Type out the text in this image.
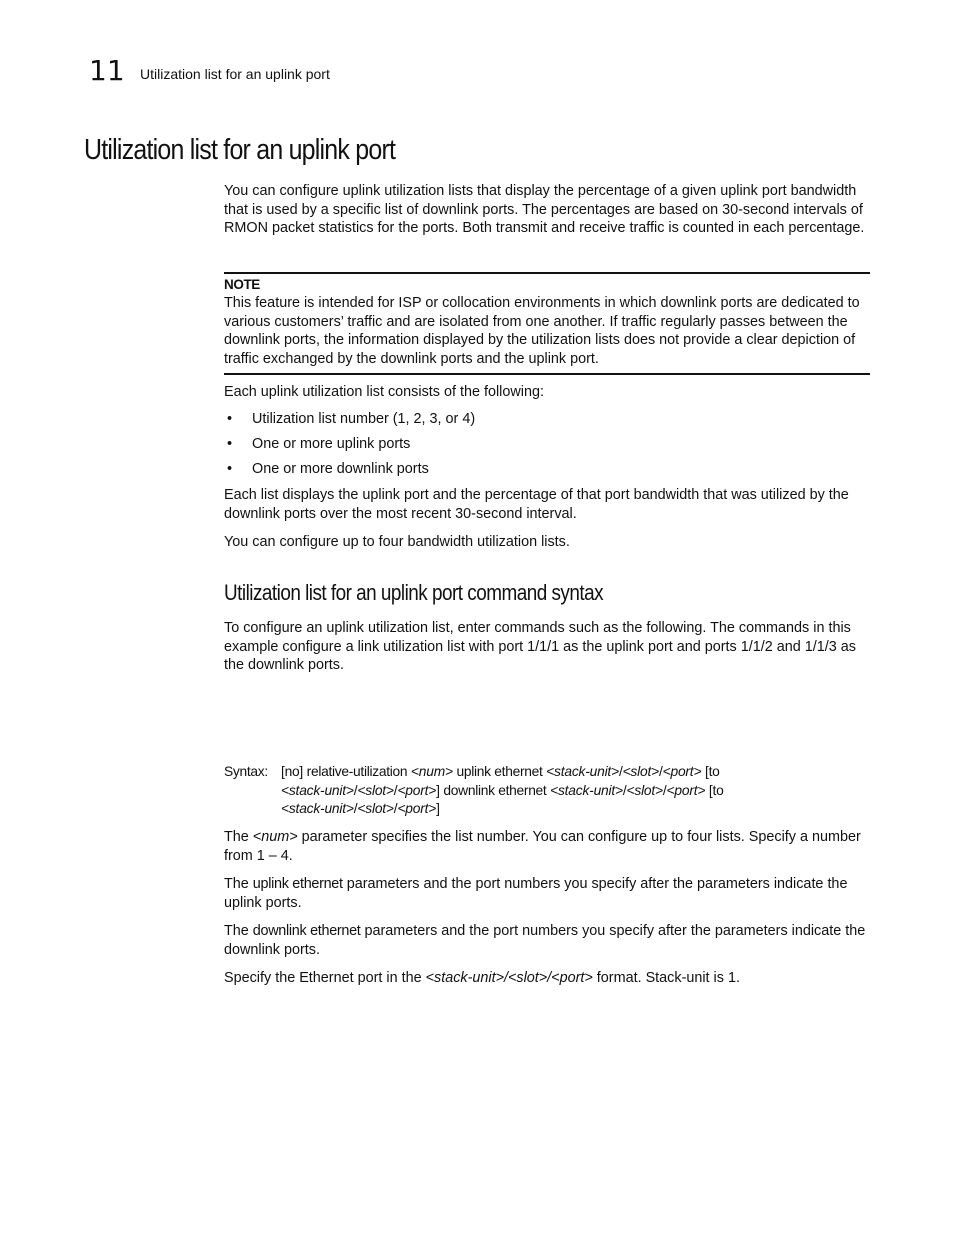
11 Utilization list for an uplink port
Utilization list for an uplink port

You can configure uplink utilization lists that display the percentage of a given uplink port bandwidth that is used by a specific list of downlink ports. The percentages are based on 30-second intervals of RMON packet statistics for the ports. Both transmit and receive traffic is counted in each percentage.

NOTE
This feature is intended for ISP or collocation environments in which downlink ports are dedicated to various customers’ traffic and are isolated from one another. If traffic regularly passes between the downlink ports, the information displayed by the utilization lists does not provide a clear depiction of traffic exchanged by the downlink ports and the uplink port.

Each uplink utilization list consists of the following:

• Utilization list number (1, 2, 3, or 4)
• One or more uplink ports
• One or more downlink ports

Each list displays the uplink port and the percentage of that port bandwidth that was utilized by the downlink ports over the most recent 30-second interval.

You can configure up to four bandwidth utilization lists.

Utilization list for an uplink port command syntax

To configure an uplink utilization list, enter commands such as the following. The commands in this example configure a link utilization list with port 1/1/1 as the uplink port and ports 1/1/2 and 1/1/3 as the downlink ports.

Syntax: [no] relative-utilization <num> uplink ethernet <stack-unit>/<slot>/<port> [to
<stack-unit>/<slot>/<port>] downlink ethernet <stack-unit>/<slot>/<port> [to
<stack-unit>/<slot>/<port>]

The <num> parameter specifies the list number. You can configure up to four lists. Specify a number from 1 – 4.

The uplink ethernet parameters and the port numbers you specify after the parameters indicate the uplink ports.

The downlink ethernet parameters and the port numbers you specify after the parameters indicate the downlink ports.

Specify the Ethernet port in the <stack-unit>/<slot>/<port> format. Stack-unit is 1.
